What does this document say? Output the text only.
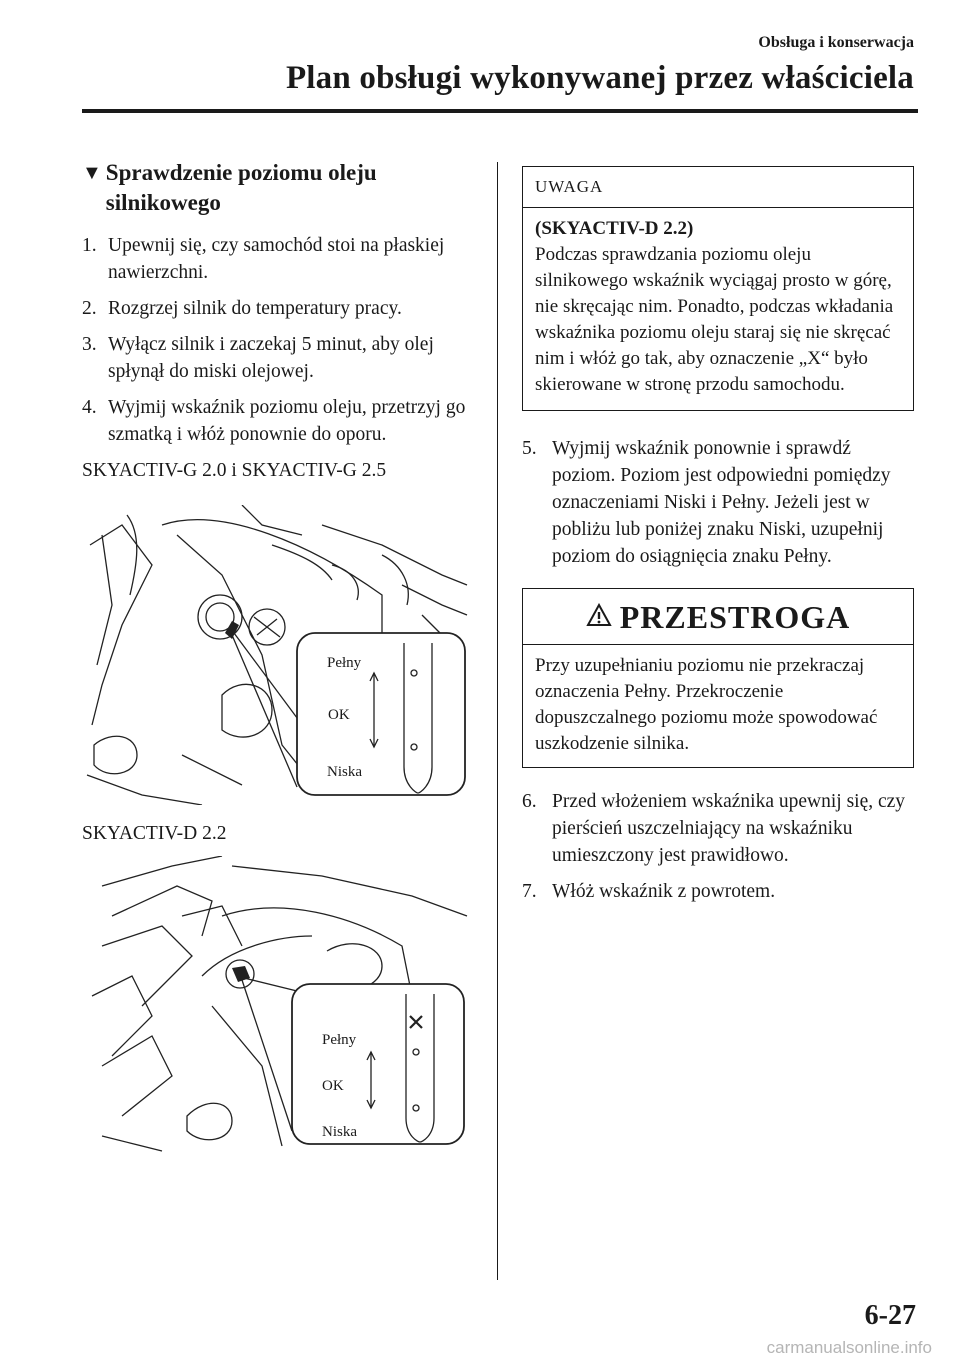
Obsługa i konserwacja
Plan obsługi wykonywanej przez właściciela
▼ Sprawdzenie poziomu oleju
silnikowego
1. Upewnij się, czy samochód stoi na płaskiej nawierzchni.
2. Rozgrzej silnik do temperatury pracy.
3. Wyłącz silnik i zaczekaj 5 minut, aby olej spłynął do miski olejowej.
4. Wyjmij wskaźnik poziomu oleju, przetrzyj go szmatką i włóż ponownie do oporu.
SKYACTIV-G 2.0 i SKYACTIV-G 2.5
Pełny
OK
Niska
SKYACTIV-D 2.2
Pełny
OK
Niska
UWAGA
(SKYACTIV-D 2.2)
Podczas sprawdzania poziomu oleju silnikowego wskaźnik wyciągaj prosto w górę, nie skręcając nim. Ponadto, podczas wkładania wskaźnika poziomu oleju staraj się nie skręcać nim i włóż go tak, aby oznaczenie „X“ było skierowane w stronę przodu samochodu.
5. Wyjmij wskaźnik ponownie i sprawdź poziom. Poziom jest odpowiedni pomiędzy oznaczeniami Niski i Pełny. Jeżeli jest w pobliżu lub poniżej znaku Niski, uzupełnij poziom do osiągnięcia znaku Pełny.
PRZESTROGA
Przy uzupełnianiu poziomu nie przekraczaj oznaczenia Pełny. Przekroczenie dopuszczalnego poziomu może spowodować uszkodzenie silnika.
6. Przed włożeniem wskaźnika upewnij się, czy pierścień uszczelniający na wskaźniku umieszczony jest prawidłowo.
7. Włóż wskaźnik z powrotem.
6-27
carmanualsonline.info
